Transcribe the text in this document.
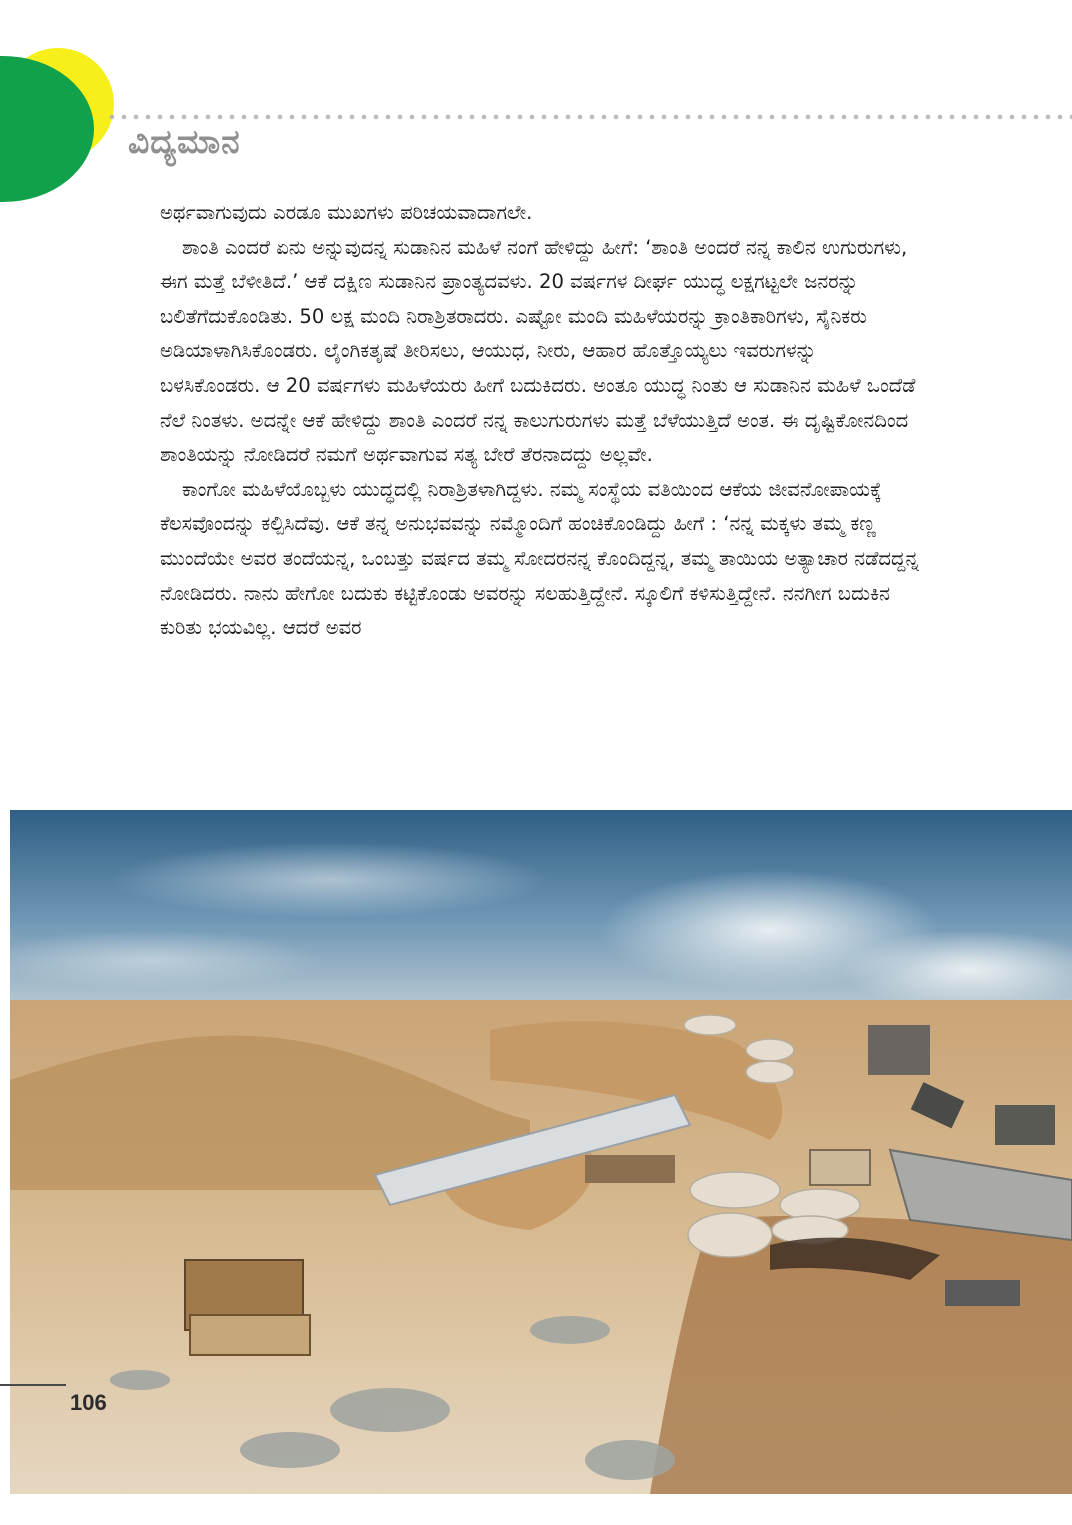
ವಿದ್ಯಮಾನ

ಅರ್ಥವಾಗುವುದು ಎರಡೂ ಮುಖಗಳು ಪರಿಚಯವಾದಾಗಲೇ.

ಶಾಂತಿ ಎಂದರೆ ಏನು ಅನ್ನುವುದನ್ನ ಸುಡಾನಿನ ಮಹಿಳೆ ನಂಗೆ ಹೇಳಿದ್ದು ಹೀಗೆ: ‘ಶಾಂತಿ ಅಂದರೆ ನನ್ನ ಕಾಲಿನ ಉಗುರುಗಳು, ಈಗ ಮತ್ತೆ ಬೆಳೀತಿದೆ.’ ಆಕೆ ದಕ್ಷಿಣ ಸುಡಾನಿನ ಪ್ರಾಂತ್ಯದವಳು. 20 ವರ್ಷಗಳ ದೀರ್ಘ ಯುದ್ಧ ಲಕ್ಷಗಟ್ಟಲೇ ಜನರನ್ನು ಬಲಿತೆಗೆದುಕೊಂಡಿತು. 50 ಲಕ್ಷ ಮಂದಿ ನಿರಾಶ್ರಿತರಾದರು. ಎಷ್ಟೋ ಮಂದಿ ಮಹಿಳೆಯರನ್ನು ಕ್ರಾಂತಿಕಾರಿಗಳು, ಸೈನಿಕರು ಅಡಿಯಾಳಾಗಿಸಿಕೊಂಡರು. ಲೈಂಗಿಕತೃಷೆ ತೀರಿಸಲು, ಆಯುಧ, ನೀರು, ಆಹಾರ ಹೊತ್ತೊಯ್ಯಲು ಇವರುಗಳನ್ನು ಬಳಸಿಕೊಂಡರು. ಆ 20 ವರ್ಷಗಳು ಮಹಿಳೆಯರು ಹೀಗೆ ಬದುಕಿದರು. ಅಂತೂ ಯುದ್ಧ ನಿಂತು ಆ ಸುಡಾನಿನ ಮಹಿಳೆ ಒಂದೆಡೆ ನೆಲೆ ನಿಂತಳು. ಅದನ್ನೇ ಆಕೆ ಹೇಳಿದ್ದು ಶಾಂತಿ ಎಂದರೆ ನನ್ನ ಕಾಲುಗುರುಗಳು ಮತ್ತೆ ಬೆಳೆಯುತ್ತಿದೆ ಅಂತ. ಈ ದೃಷ್ಟಿಕೋನದಿಂದ ಶಾಂತಿಯನ್ನು ನೋಡಿದರೆ ನಮಗೆ ಅರ್ಥವಾಗುವ ಸತ್ಯ ಬೇರೆ ತೆರನಾದದ್ದು ಅಲ್ಲವೇ.

ಕಾಂಗೋ ಮಹಿಳೆಯೊಬ್ಬಳು ಯುದ್ಧದಲ್ಲಿ ನಿರಾಶ್ರಿತಳಾಗಿದ್ದಳು. ನಮ್ಮ ಸಂಸ್ಥೆಯ ವತಿಯಿಂದ ಆಕೆಯ ಜೀವನೋಪಾಯಕ್ಕೆ ಕೆಲಸವೊಂದನ್ನು ಕಲ್ಪಿಸಿದೆವು. ಆಕೆ ತನ್ನ ಅನುಭವವನ್ನು ನಮ್ಮೊಂದಿಗೆ ಹಂಚಿಕೊಂಡಿದ್ದು ಹೀಗೆ : ‘ನನ್ನ ಮಕ್ಕಳು ತಮ್ಮ ಕಣ್ಣ ಮುಂದೆಯೇ ಅವರ ತಂದೆಯನ್ನ, ಒಂಬತ್ತು ವರ್ಷದ ತಮ್ಮ ಸೋದರನನ್ನ ಕೊಂದಿದ್ದನ್ನ, ತಮ್ಮ ತಾಯಿಯ ಅತ್ಯಾಚಾರ ನಡೆದದ್ದನ್ನ ನೋಡಿದರು. ನಾನು ಹೇಗೋ ಬದುಕು ಕಟ್ಟಿಕೊಂಡು ಅವರನ್ನು ಸಲಹುತ್ತಿದ್ದೇನೆ. ಸ್ಕೂಲಿಗೆ ಕಳಿಸುತ್ತಿದ್ದೇನೆ. ನನಗೀಗ ಬದುಕಿನ ಕುರಿತು ಭಯವಿಲ್ಲ. ಆದರೆ ಅವರ

106
